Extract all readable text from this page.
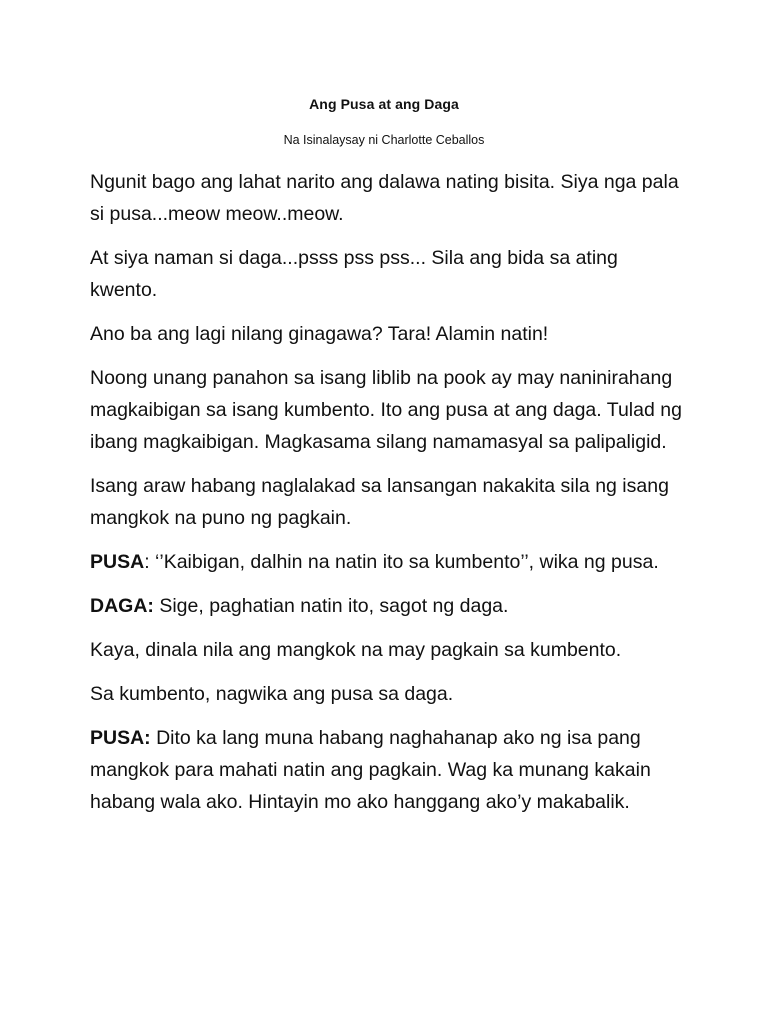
Ang Pusa at ang Daga
Na Isinalaysay ni Charlotte Ceballos

Ngunit bago ang lahat narito ang dalawa nating bisita. Siya nga pala si pusa...meow meow..meow.

At siya naman si daga...psss pss pss... Sila ang bida sa ating kwento.

Ano ba ang lagi nilang ginagawa? Tara! Alamin natin!

Noong unang panahon sa isang liblib na pook ay may naninirahang magkaibigan sa isang kumbento. Ito ang pusa at ang daga. Tulad ng ibang magkaibigan. Magkasama silang namamasyal sa palipaligid.

Isang araw habang naglalakad sa lansangan nakakita sila ng isang mangkok na puno ng pagkain.

PUSA: ‘’Kaibigan, dalhin na natin ito sa kumbento’’, wika ng pusa.

DAGA: Sige, paghatian natin ito, sagot ng daga.

Kaya, dinala nila ang mangkok na may pagkain sa kumbento.

Sa kumbento, nagwika ang pusa sa daga.

PUSA: Dito ka lang muna habang naghahanap ako ng isa pang mangkok para mahati natin ang pagkain. Wag ka munang kakain habang wala ako. Hintayin mo ako hanggang ako’y makabalik.
